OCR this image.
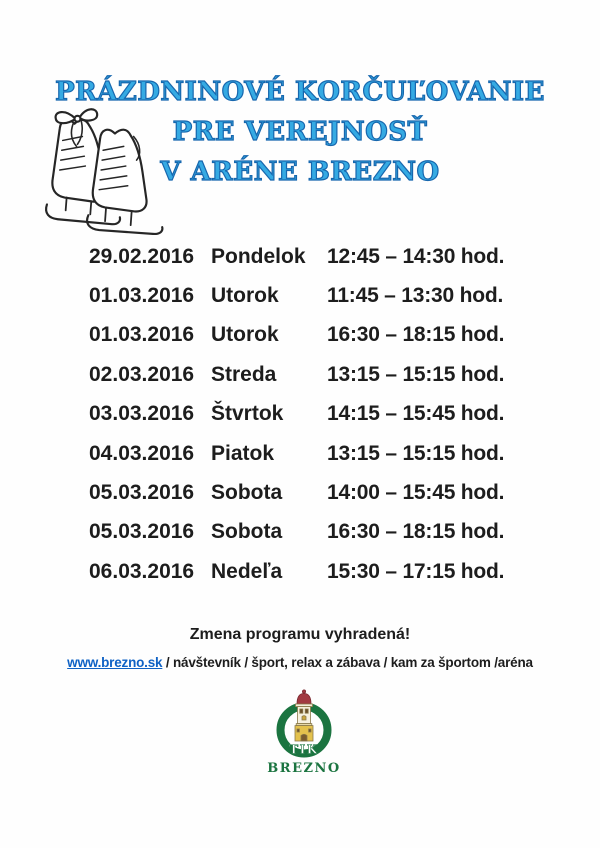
PRÁZDNINOVÉ KORČUĽOVANIE
PRE VEREJNOSŤ
V ARÉNE BREZNO
29.02.2016 Pondelok	12:45 – 14:30 hod.
01.03.2016 Utorok	11:45 – 13:30 hod.
01.03.2016 Utorok	16:30 – 18:15 hod.
02.03.2016 Streda	13:15 – 15:15 hod.
03.03.2016 Štvrtok	14:15 – 15:45 hod.
04.03.2016 Piatok	13:15 – 15:15 hod.
05.03.2016 Sobota	14:00 – 15:45 hod.
05.03.2016 Sobota	16:30 – 18:15 hod.
06.03.2016 Nedeľa	15:30 – 17:15 hod.
Zmena programu vyhradená!
www.brezno.sk / návštevník / šport, relax a zábava / kam za športom /aréna
TIK
BREZNO
